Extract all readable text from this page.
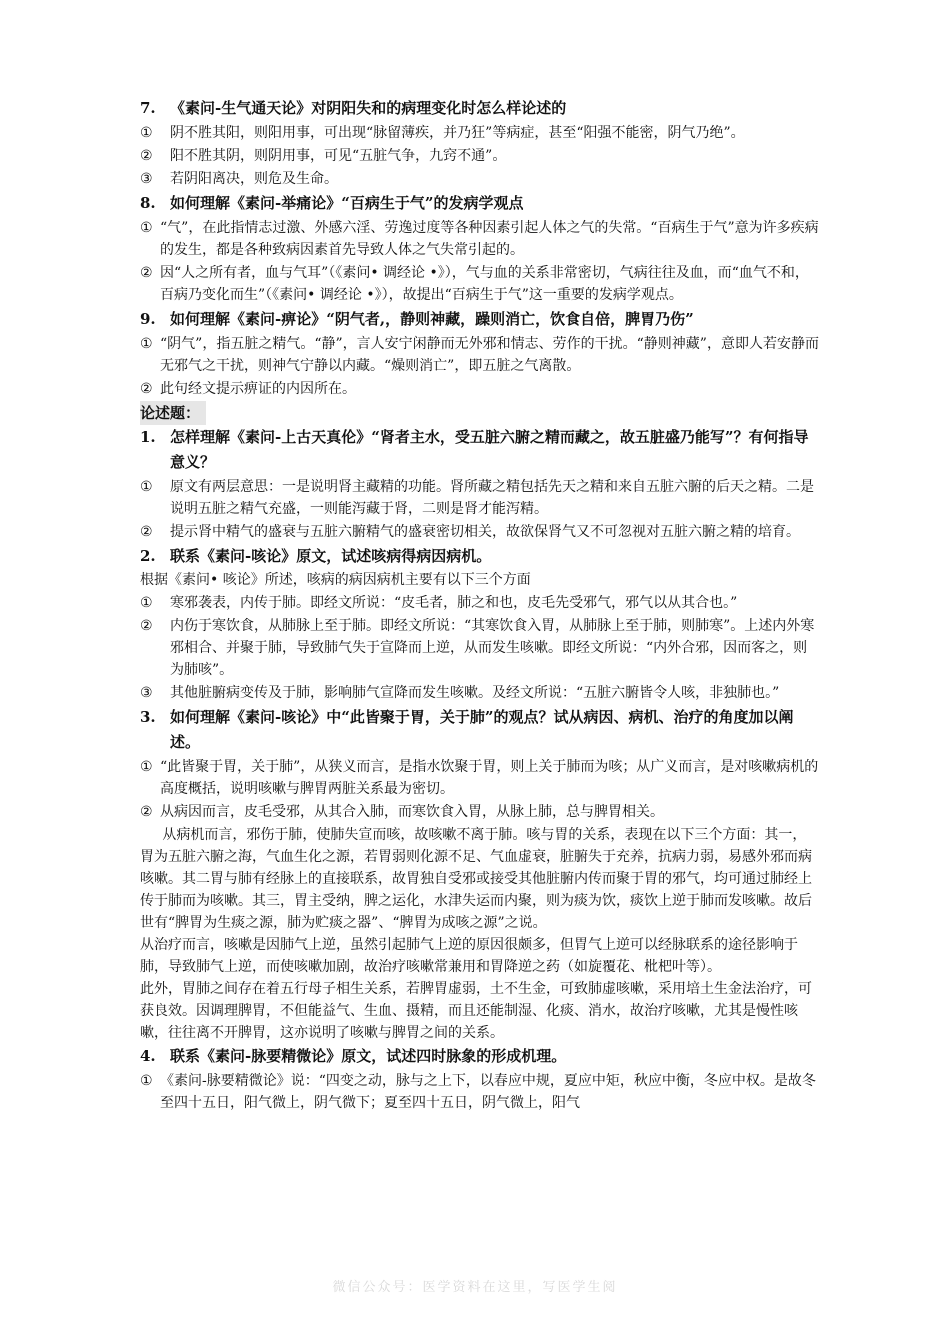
7. 《素问-生气通天论》对阴阳失和的病理变化时怎么样论述的
①	阴不胜其阳，则阳用事，可出现“脉留薄疾，并乃狂”等病症，甚至“阳强不能密，阴气乃绝”。
②	阳不胜其阴，则阴用事，可见“五脏气争，九窍不通”。
③	若阴阳离决，则危及生命。
8. 如何理解《素问-举痛论》“百病生于气”的发病学观点
① “气”，在此指情志过激、外感六淫、劳逸过度等各种因素引起人体之气的失常。“百病生于气”意为许多疾病的发生，都是各种致病因素首先导致人体之气失常引起的。
② 因“人之所有者，血与气耳”（《素问• 调经论 •》），气与血的关系非常密切，气病往往及血，而“血气不和，百病乃变化而生”（《素问• 调经论 •》），故提出“百病生于气”这一重要的发病学观点。
9. 如何理解《素问-痹论》“阴气者,，静则神藏，躁则消亡，饮食自倍，脾胃乃伤”
① “阴气”，指五脏之精气。“静”，言人安宁闲静而无外邪和情志、劳作的干扰。“静则神藏”，意即人若安静而无邪气之干扰，则神气宁静以内藏。“燥则消亡”，即五脏之气离散。
② 此句经文提示痹证的内因所在。
论述题：
1. 怎样理解《素问-上古天真伦》“肾者主水，受五脏六腑之精而藏之，故五脏盛乃能写”？有何指导意义？
①	原文有两层意思：一是说明肾主藏精的功能。肾所藏之精包括先天之精和来自五脏六腑的后天之精。二是说明五脏之精气充盛，一则能泻藏于肾，二则是肾才能泻精。
②	提示肾中精气的盛衰与五脏六腑精气的盛衰密切相关，故欲保肾气又不可忽视对五脏六腑之精的培育。
2. 联系《素问-咳论》原文，试述咳病得病因病机。
根据《素问• 咳论》所述，咳病的病因病机主要有以下三个方面
①	寒邪袭表，内传于肺。即经文所说：“皮毛者，肺之和也，皮毛先受邪气，邪气以从其合也。”
②	内伤于寒饮食，从肺脉上至于肺。即经文所说：“其寒饮食入胃，从肺脉上至于肺，则肺寒”。上述内外寒邪相合、并聚于肺，导致肺气失于宣降而上逆，从而发生咳嗽。即经文所说：“内外合邪，因而客之，则为肺咳”。
③	其他脏腑病变传及于肺，影响肺气宣降而发生咳嗽。及经文所说：“五脏六腑皆令人咳，非独肺也。”
3. 如何理解《素问-咳论》中“此皆聚于胃，关于肺”的观点？试从病因、病机、治疗的角度加以阐述。
① “此皆聚于胃，关于肺”，从狭义而言，是指水饮聚于胃，则上关于肺而为咳；从广义而言，是对咳嗽病机的高度概括，说明咳嗽与脾胃两脏关系最为密切。
② 从病因而言，皮毛受邪，从其合入肺，而寒饮食入胃，从脉上肺，总与脾胃相关。
从病机而言，邪伤于肺，使肺失宣而咳，故咳嗽不离于肺。咳与胃的关系，表现在以下三个方面：其一，胃为五脏六腑之海，气血生化之源，若胃弱则化源不足、气血虚衰，脏腑失于充养，抗病力弱，易感外邪而病咳嗽。其二胃与肺有经脉上的直接联系，故胃独自受邪或接受其他脏腑内传而聚于胃的邪气，均可通过肺经上传于肺而为咳嗽。其三，胃主受纳，脾之运化，水津失运而内聚，则为痰为饮，痰饮上逆于肺而发咳嗽。故后世有“脾胃为生痰之源，肺为贮痰之器”、“脾胃为成咳之源”之说。
从治疗而言，咳嗽是因肺气上逆，虽然引起肺气上逆的原因很颇多，但胃气上逆可以经脉联系的途径影响于肺，导致肺气上逆，而使咳嗽加剧，故治疗咳嗽常兼用和胃降逆之药（如旋覆花、枇杷叶等）。
此外，胃肺之间存在着五行母子相生关系，若脾胃虚弱，土不生金，可致肺虚咳嗽，采用培土生金法治疗，可获良效。因调理脾胃，不但能益气、生血、摄精，而且还能制湿、化痰、消水，故治疗咳嗽，尤其是慢性咳嗽，往往离不开脾胃，这亦说明了咳嗽与脾胃之间的关系。
4. 联系《素问-脉要精微论》原文，试述四时脉象的形成机理。
① 《素问-脉要精微论》说：“四变之动，脉与之上下，以春应中规，夏应中矩，秋应中衡，冬应中权。是故冬至四十五日，阳气微上，阴气微下；夏至四十五日，阴气微上，阳气
微信公众号：医学资料在这里，写医学生阅
